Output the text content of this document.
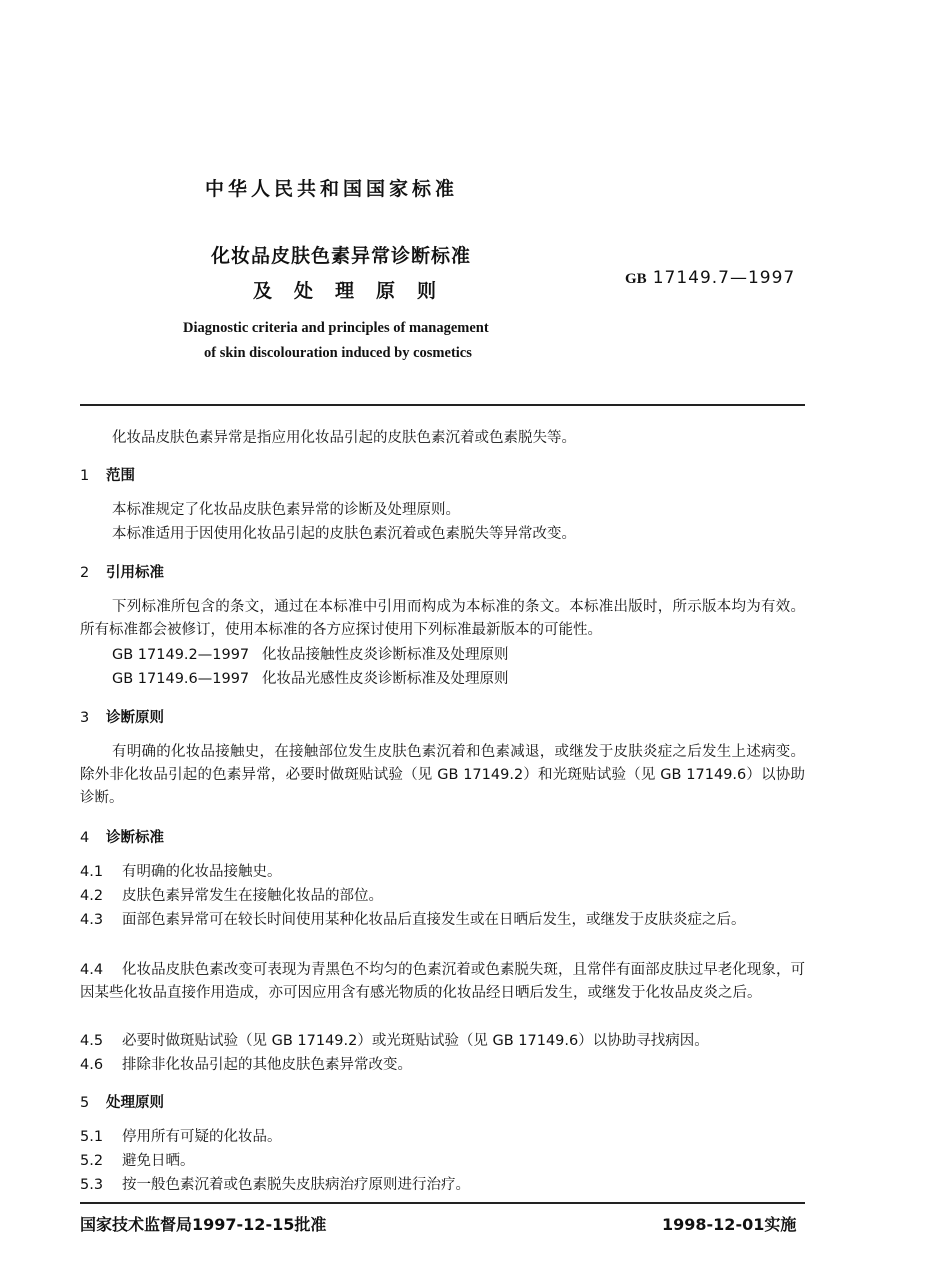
中华人民共和国国家标准
化妆品皮肤色素异常诊断标准
及处理原则
GB 17149.7—1997
Diagnostic criteria and principles of management
of skin discolouration induced by cosmetics
化妆品皮肤色素异常是指应用化妆品引起的皮肤色素沉着或色素脱失等。
1 范围
本标准规定了化妆品皮肤色素异常的诊断及处理原则。
本标准适用于因使用化妆品引起的皮肤色素沉着或色素脱失等异常改变。
2 引用标准
下列标准所包含的条文，通过在本标准中引用而构成为本标准的条文。本标准出版时，所示版本均为有效。所有标准都会被修订，使用本标准的各方应探讨使用下列标准最新版本的可能性。
GB 17149.2—1997 化妆品接触性皮炎诊断标准及处理原则
GB 17149.6—1997 化妆品光感性皮炎诊断标准及处理原则
3 诊断原则
有明确的化妆品接触史，在接触部位发生皮肤色素沉着和色素减退，或继发于皮肤炎症之后发生上述病变。除外非化妆品引起的色素异常，必要时做斑贴试验（见 GB 17149.2）和光斑贴试验（见 GB 17149.6）以协助诊断。
4 诊断标准
4.1 有明确的化妆品接触史。
4.2 皮肤色素异常发生在接触化妆品的部位。
4.3 面部色素异常可在较长时间使用某种化妆品后直接发生或在日晒后发生，或继发于皮肤炎症之后。
4.4 化妆品皮肤色素改变可表现为青黑色不均匀的色素沉着或色素脱失斑，且常伴有面部皮肤过早老化现象，可因某些化妆品直接作用造成，亦可因应用含有感光物质的化妆品经日晒后发生，或继发于化妆品皮炎之后。
4.5 必要时做斑贴试验（见 GB 17149.2）或光斑贴试验（见 GB 17149.6）以协助寻找病因。
4.6 排除非化妆品引起的其他皮肤色素异常改变。
5 处理原则
5.1 停用所有可疑的化妆品。
5.2 避免日晒。
5.3 按一般色素沉着或色素脱失皮肤病治疗原则进行治疗。
国家技术监督局1997-12-15批准	1998-12-01实施
